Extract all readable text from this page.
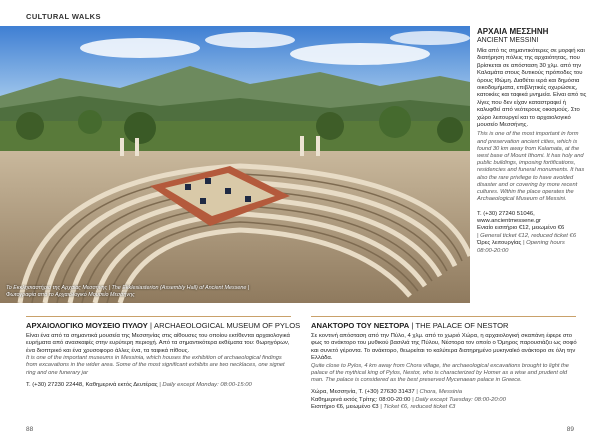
CULTURAL WALKS
Το Εκκλησιαστήριο της Αρχαίας Μεσσήνης | The Ekklesiasterion (Assembly Hall) of Ancient Messene | Φωτογραφία από το Αρχαιολογικό Μουσείο Μεσσήνης
ΑΡΧΑΙΑ ΜΕΣΣΗΝΗ
ANCIENT MESSINI
Μία από τις σημαντικότερες σε μορφή και διατήρηση πόλεις της αρχαιότητας, που βρίσκεται σε απόσταση 30 χλμ. από την Καλαμάτα στους δυτικούς πρόποδες του όρους Ιθώμη. Διαθέτει ιερά και δημόσια οικοδομήματα, επιβλητικές οχυρώσεις, κατοικίες και ταφικά μνημεία. Είναι από τις λίγες που δεν είχαν καταστραφεί ή καλυφθεί από νεότερους οικισμούς. Στο χώρο λειτουργεί και το αρχαιολογικό μουσείο Μεσσήνης.
This is one of the most important in form and preservation ancient cities, which is found 30 km away from Kalamata, at the west base of Mount Ithomi. It has holy and public buildings, imposing fortifications, residencies and funeral monuments. It has also the rare privilege to have avoided disaster and or covering by more recent cultures. Within the place operates the Archaeological Museum of Messini.
Τ. (+30) 27240 51046,
www.ancientmessene.gr
Ενιαίο εισιτήριο €12, μειωμένο €6
| General ticket €12, reduced ticket €6
Ώρες λειτουργίας | Opening hours
08:00-20:00
ΑΡΧΑΙΟΛΟΓΙΚΟ ΜΟΥΣΕΙΟ ΠΥΛΟΥ | ARCHAEOLOGICAL MUSEUM OF PYLOS
Είναι ένα από τα σημαντικά μουσεία της Μεσσηνίας στις αίθουσες του οποίου εκτίθενται αρχαιολογικά ευρήματα από ανασκαφές στην ευρύτερη περιοχή. Από τα σημαντικότερα εκθέματα του: θωρηγόρων, ένα διοπτρικό και ένα χρυσοφορο άλλες ένα, τα ταφικά πίθους.
It is one of the important museums in Messinia, which houses the exhibition of archaeological findings from excavations in the wider area. Some of the most significant exhibits are two necklaces, one signet ring and one funerary jar
Τ. (+30) 27230 22448, Καθημερινά εκτός Δευτέρας | Daily except Monday: 08:00-15:00
ΑΝΑΚΤΟΡΟ ΤΟΥ ΝΕΣΤΟΡΑ | THE PALACE OF NESTOR
Σε κοντινή απόσταση από την Πύλο, 4 χλμ. από το χωριό Χώρα, η αρχαιολογική σκαπάνη έφερε στο φως το ανάκτορο του μυθικού βασιλιά της Πύλου, Νέστορα τον οποίο ο Όμηρος παρουσιάζει ως σοφό και συνετό γέροντα. Το ανάκτορο, θεωρείται το καλύτερα διατηρημένο μυκηναϊκό ανάκτορο σε όλη την Ελλάδα.
Quite close to Pylos, 4 km away from Chora village, the archaeological excavations brought to light the palace of the mythical king of Pylos, Nestor, who is characterized by Homer as a wise and prudent old man. The palace is considered as the best preserved Mycenaean palace in Greece.
Χώρα, Μεσσηνία, Τ. (+30) 27630 31437 | Chora, Messinia
Καθημερινά εκτός Τρίτης: 08:00-20:00 | Daily except Tuesday: 08:00-20:00
Εισιτήριο €6, μειωμένο €3 | Ticket €6, reduced ticket €3
88	89
